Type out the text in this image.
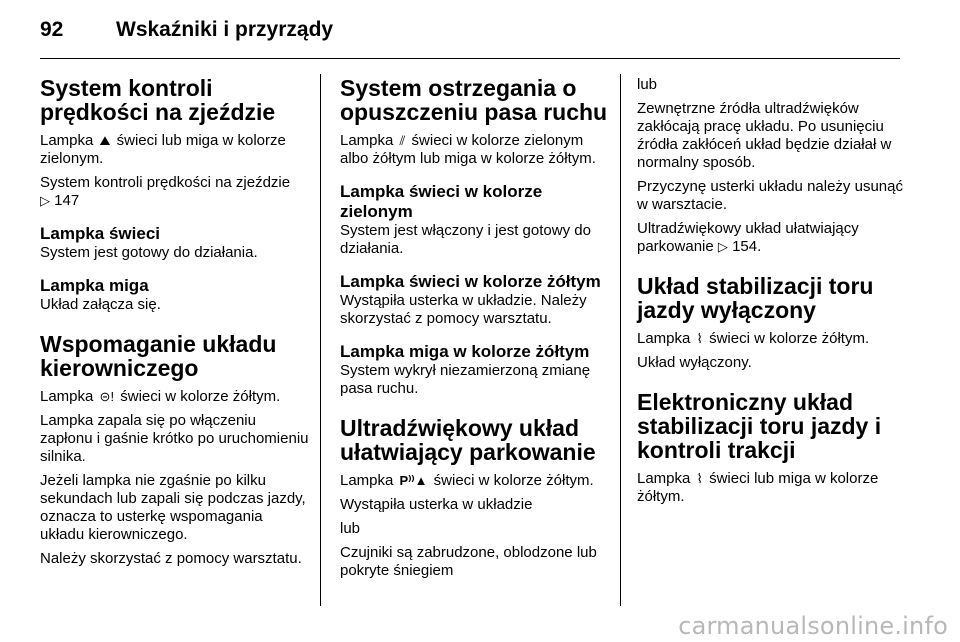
92	Wskaźniki i przyrządy
System kontroli prędkości na zjeździe

Lampka ⛰ świeci lub miga w kolorze zielonym.

System kontroli prędkości na zjeździe
▷ 147

Lampka świeci

System jest gotowy do działania.

Lampka miga

Układ załącza się.

Wspomaganie układu kierowniczego

Lampka ⊝! świeci w kolorze żółtym.

Lampka zapala się po włączeniu zapłonu i gaśnie krótko po uruchomieniu silnika.

Jeżeli lampka nie zgaśnie po kilku sekundach lub zapali się podczas jazdy, oznacza to usterkę wspomagania układu kierowniczego.

Należy skorzystać z pomocy warsztatu.

System ostrzegania o opuszczeniu pasa ruchu

Lampka ⫽ świeci w kolorze zielonym albo żółtym lub miga w kolorze żółtym.

Lampka świeci w kolorze zielonym

System jest włączony i jest gotowy do działania.

Lampka świeci w kolorze żółtym

Wystąpiła usterka w układzie. Należy skorzystać z pomocy warsztatu.

Lampka miga w kolorze żółtym

System wykrył niezamierzoną zmianę pasa ruchu.

Ultradźwiękowy układ ułatwiający parkowanie

Lampka P⁾⁾▲ świeci w kolorze żółtym.

Wystąpiła usterka w układzie

lub

Czujniki są zabrudzone, oblodzone lub pokryte śniegiem

lub

Zewnętrzne źródła ultradźwięków zakłócają pracę układu. Po usunięciu źródła zakłóceń układ będzie działał w normalny sposób.

Przyczynę usterki układu należy usunąć w warsztacie.

Ultradźwiękowy układ ułatwiający parkowanie ▷ 154.

Układ stabilizacji toru jazdy wyłączony

Lampka ⌇ świeci w kolorze żółtym.

Układ wyłączony.

Elektroniczny układ stabilizacji toru jazdy i kontroli trakcji

Lampka ⌇ świeci lub miga w kolorze żółtym.

carmanualsonline.info
